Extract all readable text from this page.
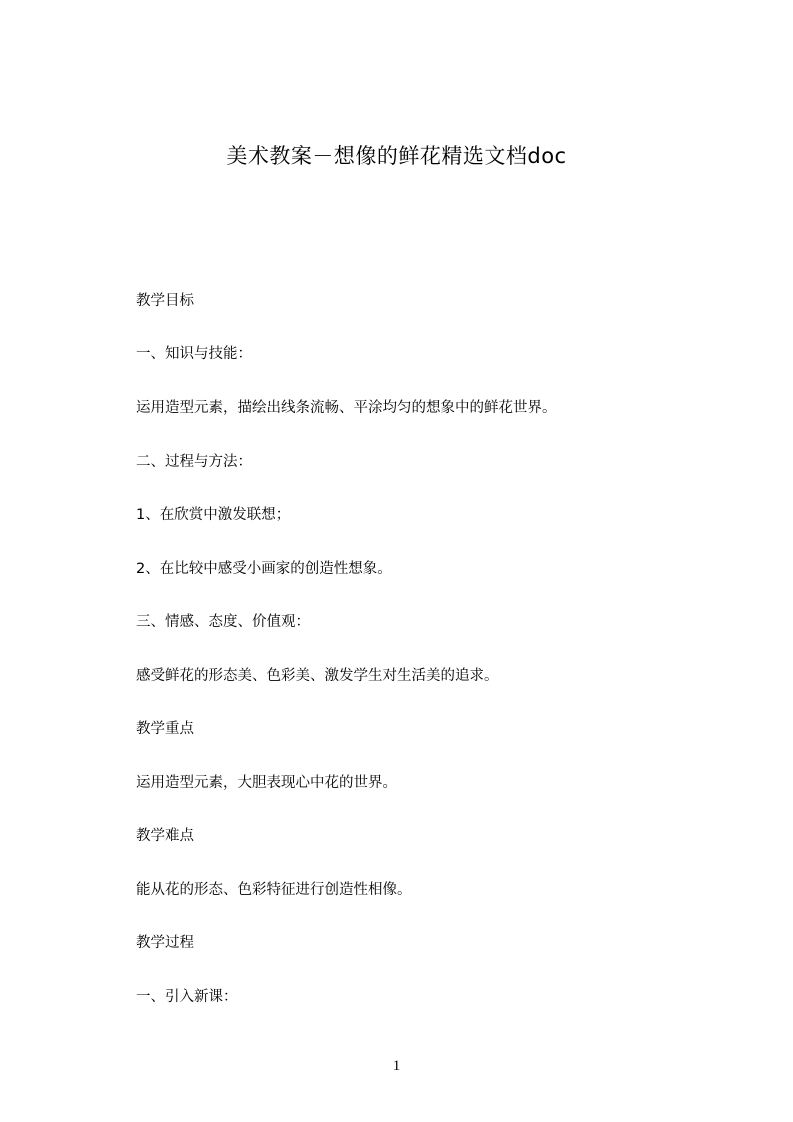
美术教案－想像的鲜花精选文档doc
教学目标
一、知识与技能：
运用造型元素，描绘出线条流畅、平涂均匀的想象中的鲜花世界。
二、过程与方法：
1、在欣赏中激发联想；
2、在比较中感受小画家的创造性想象。
三、情感、态度、价值观：
感受鲜花的形态美、色彩美、激发学生对生活美的追求。
教学重点
运用造型元素，大胆表现心中花的世界。
教学难点
能从花的形态、色彩特征进行创造性相像。
教学过程
一、引入新课：
1
